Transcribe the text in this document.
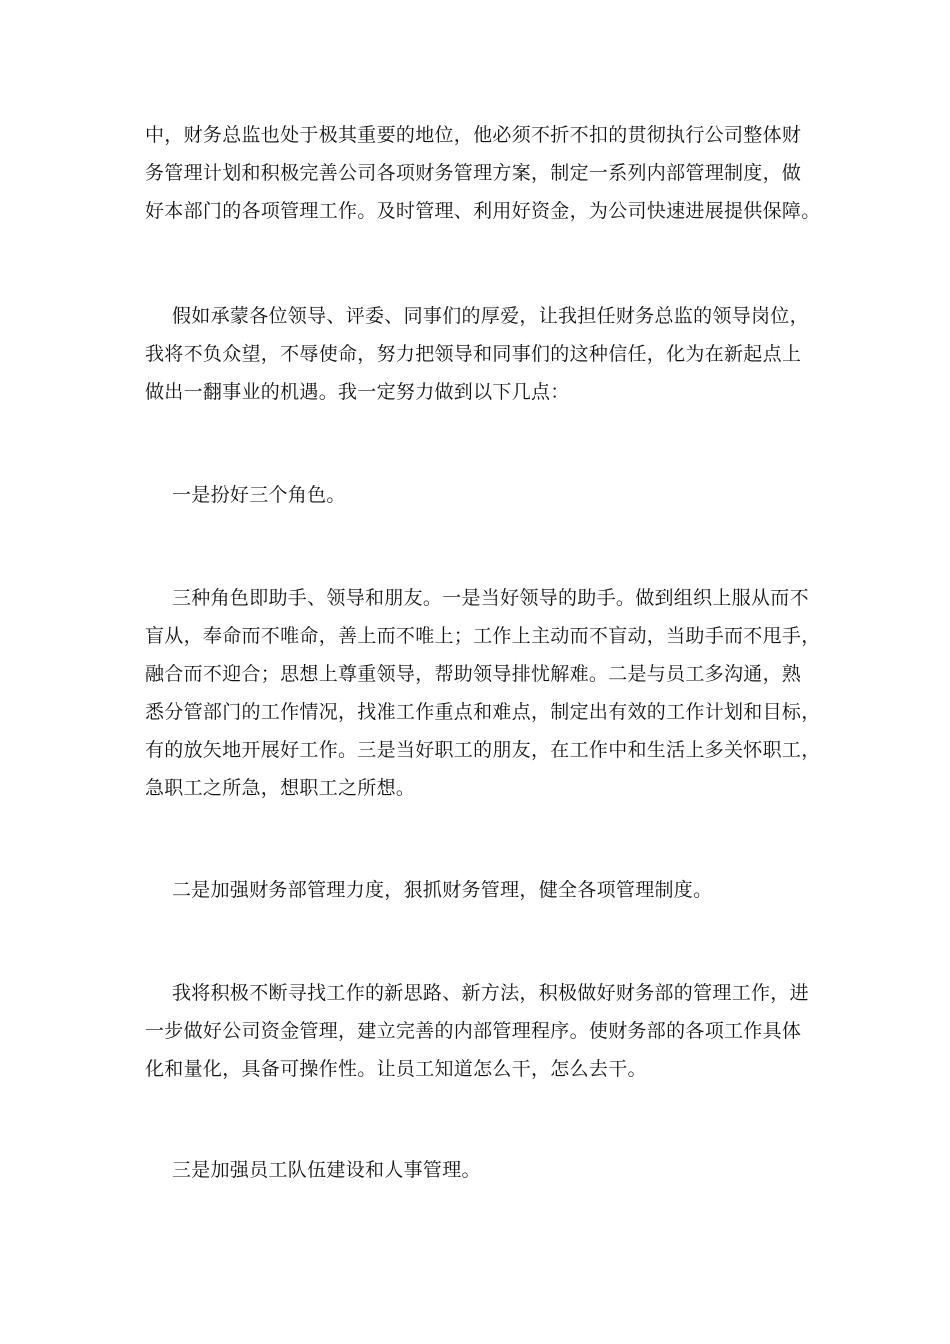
中，财务总监也处于极其重要的地位，他必须不折不扣的贯彻执行公司整体财
务管理计划和积极完善公司各项财务管理方案，制定一系列内部管理制度，做
好本部门的各项管理工作。及时管理、利用好资金，为公司快速进展提供保障。
假如承蒙各位领导、评委、同事们的厚爱，让我担任财务总监的领导岗位，
我将不负众望，不辱使命，努力把领导和同事们的这种信任，化为在新起点上
做出一翻事业的机遇。我一定努力做到以下几点：
一是扮好三个角色。
三种角色即助手、领导和朋友。一是当好领导的助手。做到组织上服从而不
盲从，奉命而不唯命，善上而不唯上；工作上主动而不盲动，当助手而不甩手，
融合而不迎合；思想上尊重领导，帮助领导排忧解难。二是与员工多沟通，熟
悉分管部门的工作情况，找准工作重点和难点，制定出有效的工作计划和目标，
有的放矢地开展好工作。三是当好职工的朋友，在工作中和生活上多关怀职工，
急职工之所急，想职工之所想。
二是加强财务部管理力度，狠抓财务管理，健全各项管理制度。
我将积极不断寻找工作的新思路、新方法，积极做好财务部的管理工作，进
一步做好公司资金管理，建立完善的内部管理程序。使财务部的各项工作具体
化和量化，具备可操作性。让员工知道怎么干，怎么去干。
三是加强员工队伍建设和人事管理。
